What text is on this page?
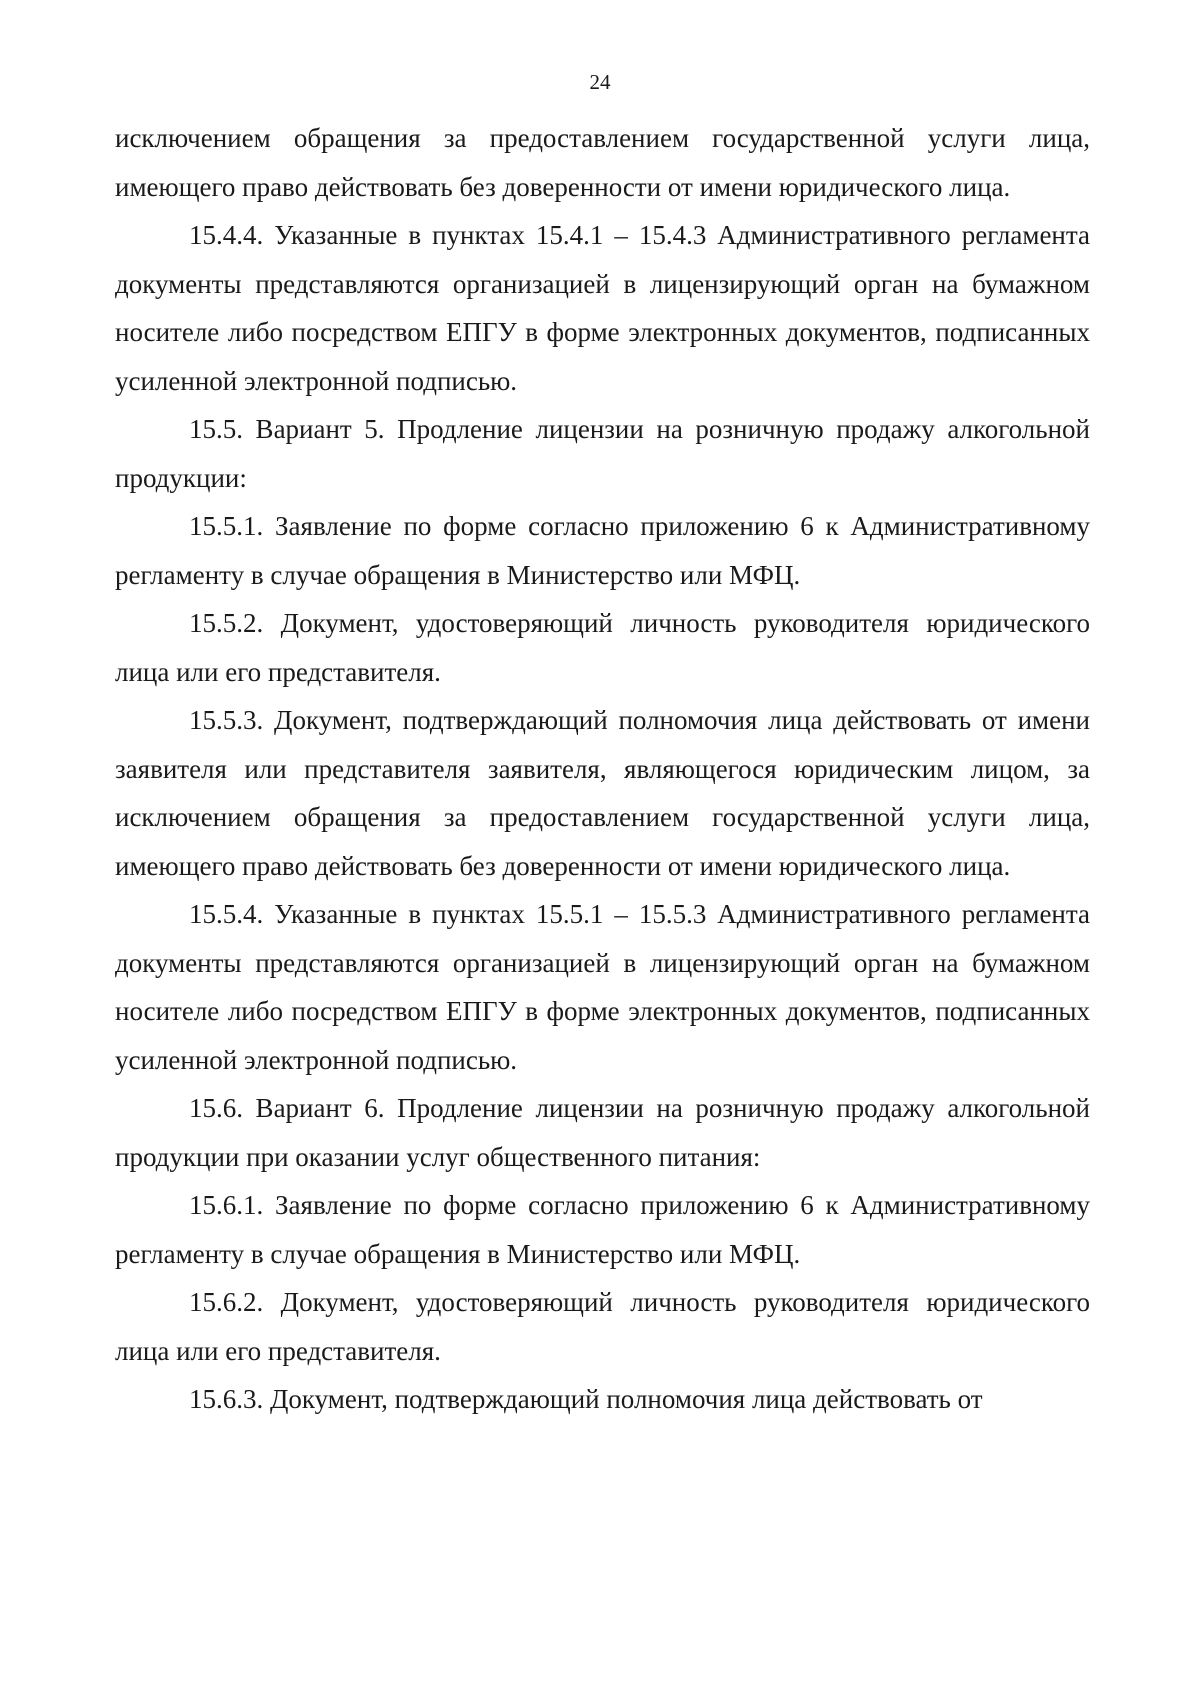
24

исключением обращения за предоставлением государственной услуги лица, имеющего право действовать без доверенности от имени юридического лица.

15.4.4. Указанные в пунктах 15.4.1 – 15.4.3 Административного регламента документы представляются организацией в лицензирующий орган на бумажном носителе либо посредством ЕПГУ в форме электронных документов, подписанных усиленной электронной подписью.

15.5. Вариант 5. Продление лицензии на розничную продажу алкогольной продукции:

15.5.1. Заявление по форме согласно приложению 6 к Административному регламенту в случае обращения в Министерство или МФЦ.

15.5.2. Документ, удостоверяющий личность руководителя юридического лица или его представителя.

15.5.3. Документ, подтверждающий полномочия лица действовать от имени заявителя или представителя заявителя, являющегося юридическим лицом, за исключением обращения за предоставлением государственной услуги лица, имеющего право действовать без доверенности от имени юридического лица.

15.5.4. Указанные в пунктах 15.5.1 – 15.5.3 Административного регламента документы представляются организацией в лицензирующий орган на бумажном носителе либо посредством ЕПГУ в форме электронных документов, подписанных усиленной электронной подписью.

15.6. Вариант 6. Продление лицензии на розничную продажу алкогольной продукции при оказании услуг общественного питания:

15.6.1. Заявление по форме согласно приложению 6 к Административному регламенту в случае обращения в Министерство или МФЦ.

15.6.2. Документ, удостоверяющий личность руководителя юридического лица или его представителя.

15.6.3. Документ, подтверждающий полномочия лица действовать от
